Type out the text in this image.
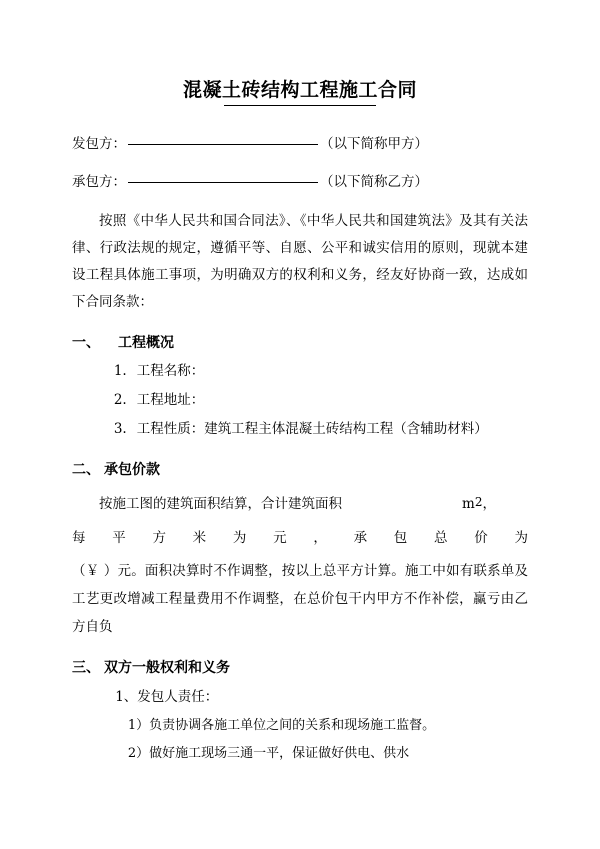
混凝土砖结构工程施工合同
发包方：	（以下简称甲方）
承包方：	（以下简称乙方）

按照《中华人民共和国合同法》、《中华人民共和国建筑法》及其有关法律、行政法规的规定，遵循平等、自愿、公平和诚实信用的原则，现就本建设工程具体施工事项，为明确双方的权利和义务，经友好协商一致，达成如下合同条款：

一、 工程概况
1. 工程名称：
2. 工程地址：
3. 工程性质：建筑工程主体混凝土砖结构工程（含辅助材料）
二、 承包价款
按施工图的建筑面积结算，合计建筑面积	m2，
每 平 方 米 为 元 ， 承 包 总 价 为
（￥ ）元。面积决算时不作调整，按以上总平方计算。施工中如有联系单及工艺更改增减工程量费用不作调整，在总价包干内甲方不作补偿，赢亏由乙方自负
三、 双方一般权利和义务
1、发包人责任：
1）负责协调各施工单位之间的关系和现场施工监督。
2）做好施工现场三通一平，保证做好供电、供水
